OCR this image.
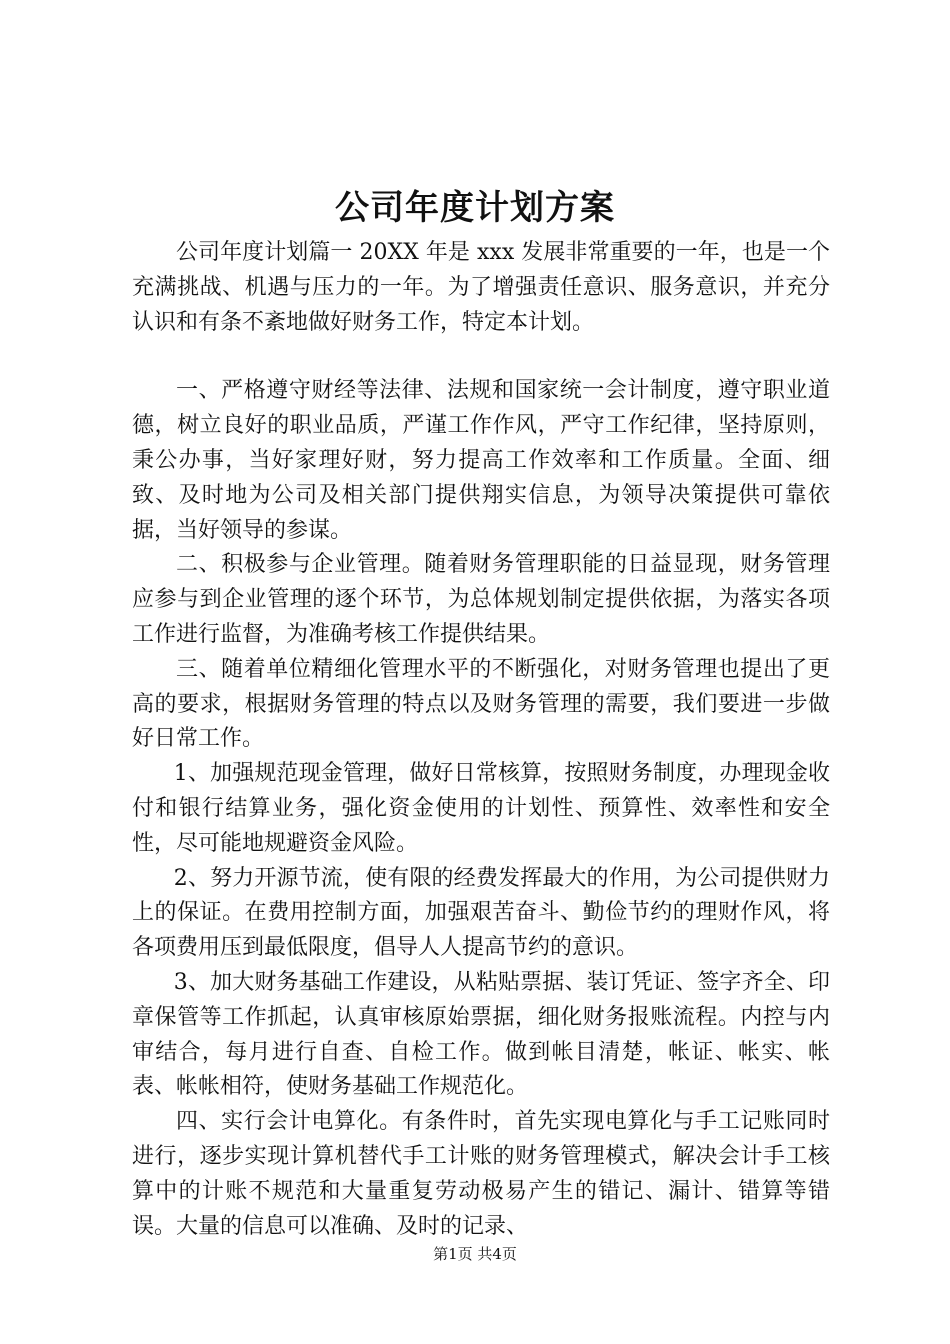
公司年度计划方案

公司年度计划篇一 20XX 年是 xxx 发展非常重要的一年，也是一个充满挑战、机遇与压力的一年。为了增强责任意识、服务意识，并充分认识和有条不紊地做好财务工作，特定本计划。

一、严格遵守财经等法律、法规和国家统一会计制度，遵守职业道德，树立良好的职业品质，严谨工作作风，严守工作纪律，坚持原则，秉公办事，当好家理好财，努力提高工作效率和工作质量。全面、细致、及时地为公司及相关部门提供翔实信息，为领导决策提供可靠依据，当好领导的参谋。

二、积极参与企业管理。随着财务管理职能的日益显现，财务管理应参与到企业管理的逐个环节，为总体规划制定提供依据，为落实各项工作进行监督，为准确考核工作提供结果。

三、随着单位精细化管理水平的不断强化，对财务管理也提出了更高的要求，根据财务管理的特点以及财务管理的需要，我们要进一步做好日常工作。

1、加强规范现金管理，做好日常核算，按照财务制度，办理现金收付和银行结算业务，强化资金使用的计划性、预算性、效率性和安全性，尽可能地规避资金风险。

2、努力开源节流，使有限的经费发挥最大的作用，为公司提供财力上的保证。在费用控制方面，加强艰苦奋斗、勤俭节约的理财作风，将各项费用压到最低限度，倡导人人提高节约的意识。

3、加大财务基础工作建设，从粘贴票据、装订凭证、签字齐全、印章保管等工作抓起，认真审核原始票据，细化财务报账流程。内控与内审结合，每月进行自查、自检工作。做到帐目清楚，帐证、帐实、帐表、帐帐相符，使财务基础工作规范化。

四、实行会计电算化。有条件时，首先实现电算化与手工记账同时进行，逐步实现计算机替代手工计账的财务管理模式，解决会计手工核算中的计账不规范和大量重复劳动极易产生的错记、漏计、错算等错误。大量的信息可以准确、及时的记录、

第1页 共4页
